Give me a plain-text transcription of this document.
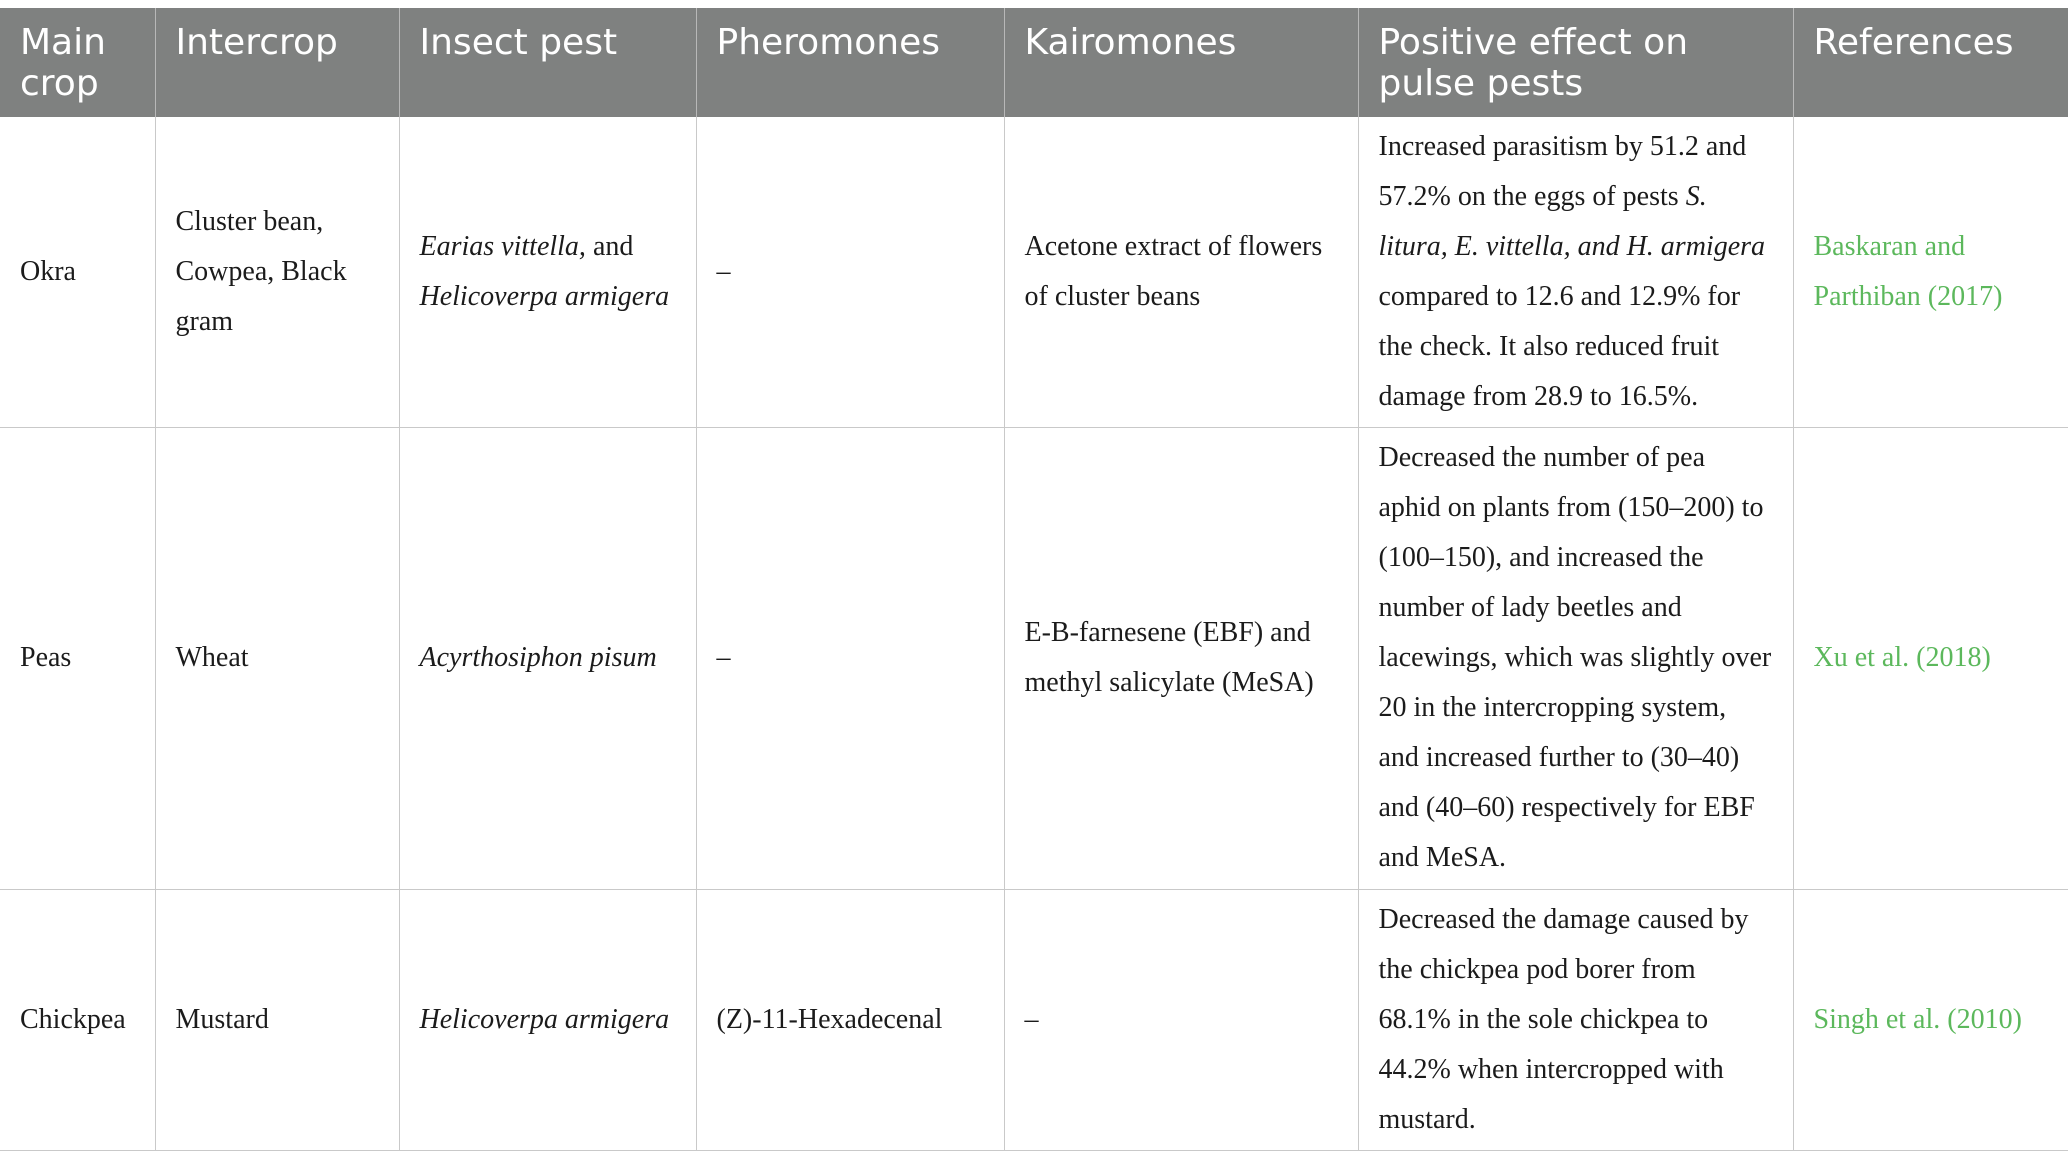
Main crop	Intercrop	Insect pest	Pheromones	Kairomones	Positive effect on pulse pests	References
Okra	Cluster bean, Cowpea, Black gram	Earias vittella, and Helicoverpa armigera	–	Acetone extract of flowers of cluster beans	Increased parasitism by 51.2 and 57.2% on the eggs of pests S. litura, E. vittella, and H. armigera compared to 12.6 and 12.9% for the check. It also reduced fruit damage from 28.9 to 16.5%.	Baskaran and Parthiban (2017)
Peas	Wheat	Acyrthosiphon pisum	–	E-B-farnesene (EBF) and methyl salicylate (MeSA)	Decreased the number of pea aphid on plants from (150–200) to (100–150), and increased the number of lady beetles and lacewings, which was slightly over 20 in the intercropping system, and increased further to (30–40) and (40–60) respectively for EBF and MeSA.	Xu et al. (2018)
Chickpea	Mustard	Helicoverpa armigera	(Z)-11-Hexadecenal	–	Decreased the damage caused by the chickpea pod borer from 68.1% in the sole chickpea to 44.2% when intercropped with mustard.	Singh et al. (2010)
